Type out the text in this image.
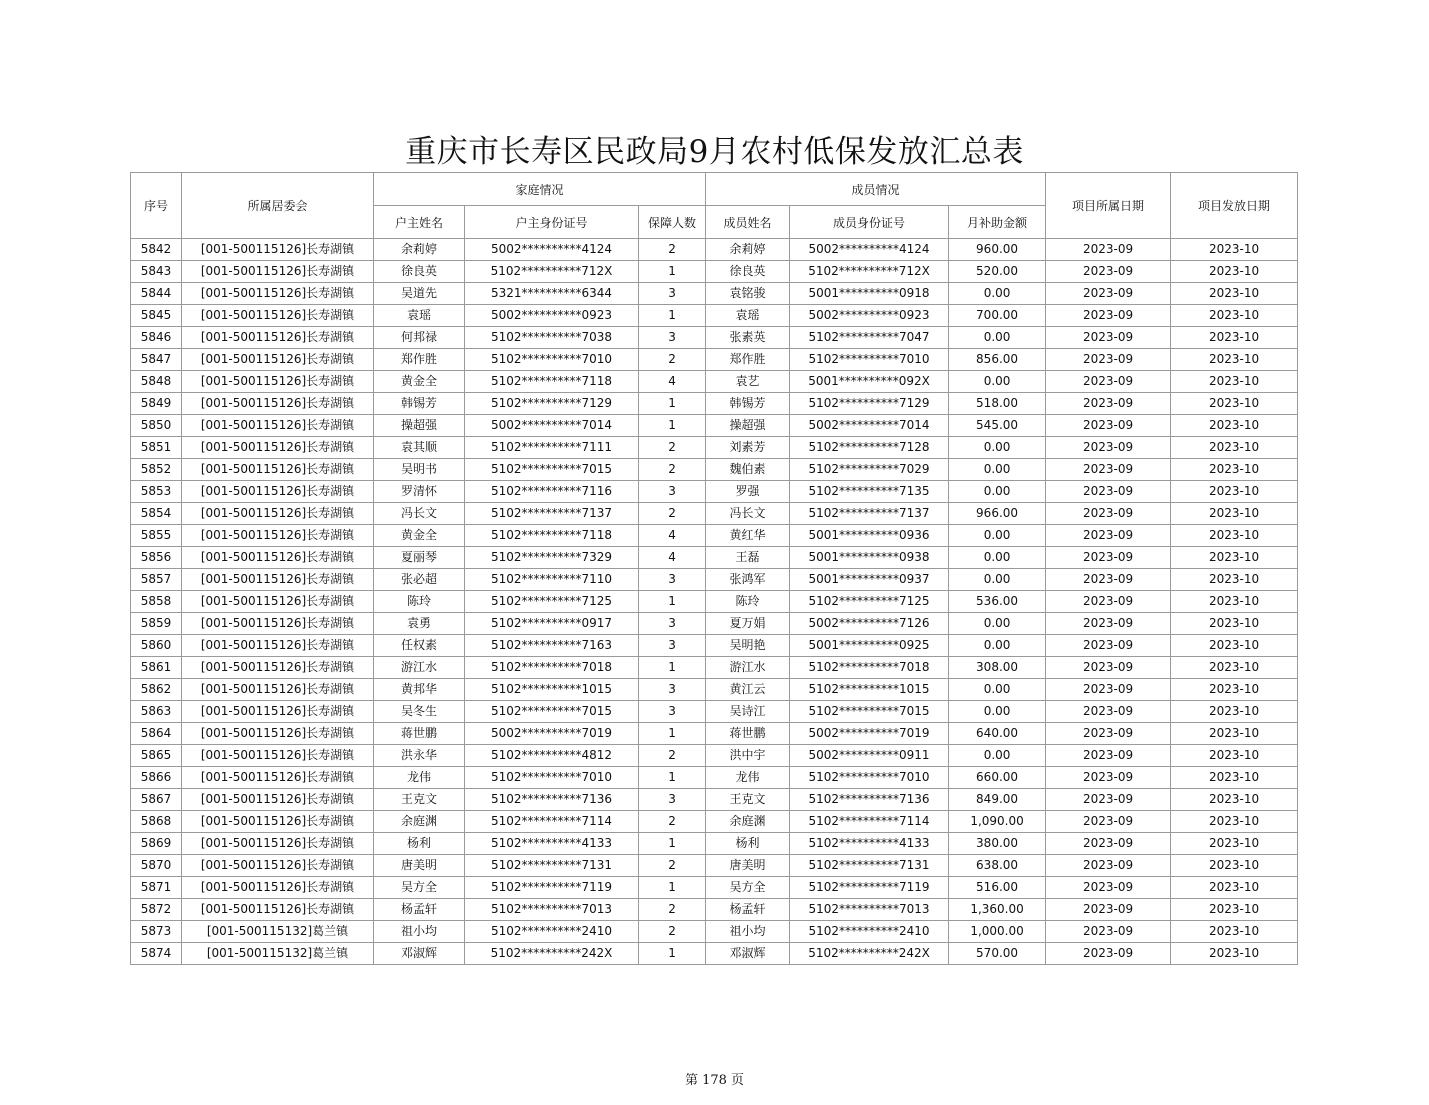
重庆市长寿区民政局9月农村低保发放汇总表
序号	所属居委会	家庭情况			成员情况			项目所属日期	项目发放日期
		户主姓名	户主身份证号	保障人数	成员姓名	成员身份证号	月补助金额		
5842	[001-500115126]长寿湖镇	余莉婷	5002**********4124	2	余莉婷	5002**********4124	960.00	2023-09	2023-10
5843	[001-500115126]长寿湖镇	徐良英	5102**********712X	1	徐良英	5102**********712X	520.00	2023-09	2023-10
5844	[001-500115126]长寿湖镇	吴道先	5321**********6344	3	袁铭骏	5001**********0918	0.00	2023-09	2023-10
5845	[001-500115126]长寿湖镇	袁瑶	5002**********0923	1	袁瑶	5002**********0923	700.00	2023-09	2023-10
5846	[001-500115126]长寿湖镇	何邦禄	5102**********7038	3	张素英	5102**********7047	0.00	2023-09	2023-10
5847	[001-500115126]长寿湖镇	郑作胜	5102**********7010	2	郑作胜	5102**********7010	856.00	2023-09	2023-10
5848	[001-500115126]长寿湖镇	黄金全	5102**********7118	4	袁艺	5001**********092X	0.00	2023-09	2023-10
5849	[001-500115126]长寿湖镇	韩锡芳	5102**********7129	1	韩锡芳	5102**********7129	518.00	2023-09	2023-10
5850	[001-500115126]长寿湖镇	操超强	5002**********7014	1	操超强	5002**********7014	545.00	2023-09	2023-10
5851	[001-500115126]长寿湖镇	袁其顺	5102**********7111	2	刘素芳	5102**********7128	0.00	2023-09	2023-10
5852	[001-500115126]长寿湖镇	吴明书	5102**********7015	2	魏伯素	5102**********7029	0.00	2023-09	2023-10
5853	[001-500115126]长寿湖镇	罗清怀	5102**********7116	3	罗强	5102**********7135	0.00	2023-09	2023-10
5854	[001-500115126]长寿湖镇	冯长文	5102**********7137	2	冯长文	5102**********7137	966.00	2023-09	2023-10
5855	[001-500115126]长寿湖镇	黄金全	5102**********7118	4	黄红华	5001**********0936	0.00	2023-09	2023-10
5856	[001-500115126]长寿湖镇	夏丽琴	5102**********7329	4	王磊	5001**********0938	0.00	2023-09	2023-10
5857	[001-500115126]长寿湖镇	张必超	5102**********7110	3	张鸿军	5001**********0937	0.00	2023-09	2023-10
5858	[001-500115126]长寿湖镇	陈玲	5102**********7125	1	陈玲	5102**********7125	536.00	2023-09	2023-10
5859	[001-500115126]长寿湖镇	袁勇	5102**********0917	3	夏万娟	5002**********7126	0.00	2023-09	2023-10
5860	[001-500115126]长寿湖镇	任权素	5102**********7163	3	吴明艳	5001**********0925	0.00	2023-09	2023-10
5861	[001-500115126]长寿湖镇	游江水	5102**********7018	1	游江水	5102**********7018	308.00	2023-09	2023-10
5862	[001-500115126]长寿湖镇	黄邦华	5102**********1015	3	黄江云	5102**********1015	0.00	2023-09	2023-10
5863	[001-500115126]长寿湖镇	吴冬生	5102**********7015	3	吴诗江	5102**********7015	0.00	2023-09	2023-10
5864	[001-500115126]长寿湖镇	蒋世鹏	5002**********7019	1	蒋世鹏	5002**********7019	640.00	2023-09	2023-10
5865	[001-500115126]长寿湖镇	洪永华	5102**********4812	2	洪中宇	5002**********0911	0.00	2023-09	2023-10
5866	[001-500115126]长寿湖镇	龙伟	5102**********7010	1	龙伟	5102**********7010	660.00	2023-09	2023-10
5867	[001-500115126]长寿湖镇	王克文	5102**********7136	3	王克文	5102**********7136	849.00	2023-09	2023-10
5868	[001-500115126]长寿湖镇	余庭渊	5102**********7114	2	余庭渊	5102**********7114	1,090.00	2023-09	2023-10
5869	[001-500115126]长寿湖镇	杨利	5102**********4133	1	杨利	5102**********4133	380.00	2023-09	2023-10
5870	[001-500115126]长寿湖镇	唐美明	5102**********7131	2	唐美明	5102**********7131	638.00	2023-09	2023-10
5871	[001-500115126]长寿湖镇	吴方全	5102**********7119	1	吴方全	5102**********7119	516.00	2023-09	2023-10
5872	[001-500115126]长寿湖镇	杨孟轩	5102**********7013	2	杨孟轩	5102**********7013	1,360.00	2023-09	2023-10
5873	[001-500115132]葛兰镇	祖小均	5102**********2410	2	祖小均	5102**********2410	1,000.00	2023-09	2023-10
5874	[001-500115132]葛兰镇	邓淑辉	5102**********242X	1	邓淑辉	5102**********242X	570.00	2023-09	2023-10
第 178 页
